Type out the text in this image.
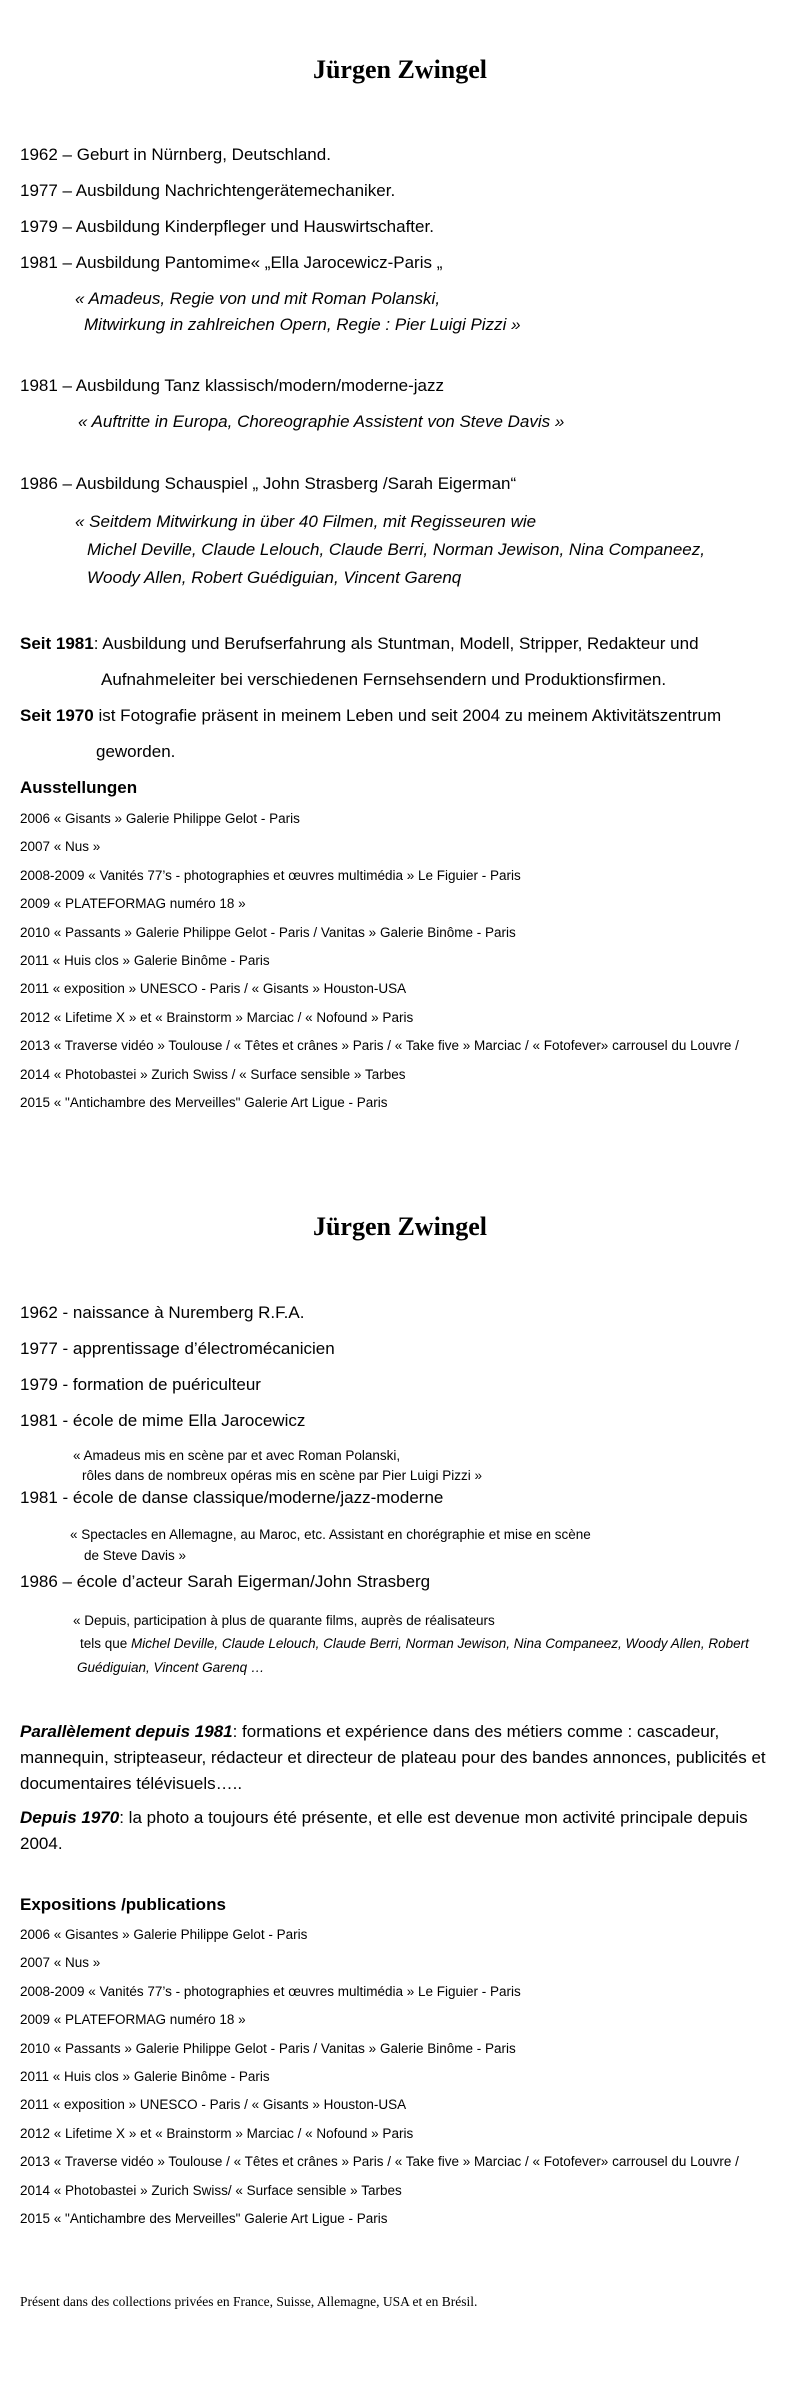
Jürgen Zwingel
1962 – Geburt in Nürnberg, Deutschland.
1977 – Ausbildung Nachrichtengerätemechaniker.
1979 – Ausbildung Kinderpfleger und Hauswirtschafter.
1981 – Ausbildung Pantomime« „Ella Jarocewicz-Paris „
« Amadeus, Regie von und mit Roman Polanski,
Mitwirkung in zahlreichen Opern, Regie : Pier Luigi Pizzi »
1981 – Ausbildung Tanz klassisch/modern/moderne-jazz
« Auftritte in Europa, Choreographie Assistent von Steve Davis »
1986 – Ausbildung Schauspiel „ John Strasberg /Sarah Eigerman“
« Seitdem Mitwirkung in über 40 Filmen, mit Regisseuren wie
Michel Deville, Claude Lelouch, Claude Berri, Norman Jewison, Nina Companeez,
Woody Allen, Robert Guédiguian, Vincent Garenq
Seit 1981: Ausbildung und Berufserfahrung als Stuntman, Modell, Stripper, Redakteur und
Aufnahmeleiter bei verschiedenen Fernsehsendern und Produktionsfirmen.
Seit 1970 ist Fotografie präsent in meinem Leben und seit 2004 zu meinem Aktivitätszentrum
geworden.
Ausstellungen
2006 « Gisants » Galerie Philippe Gelot - Paris
2007 « Nus »
2008-2009 « Vanités 77’s - photographies et œuvres multimédia » Le Figuier - Paris
2009 « PLATEFORMAG numéro 18 »
2010 « Passants » Galerie Philippe Gelot - Paris / Vanitas » Galerie Binôme - Paris
2011 « Huis clos » Galerie Binôme - Paris
2011 « exposition » UNESCO - Paris / « Gisants » Houston-USA
2012 « Lifetime X » et « Brainstorm » Marciac / « Nofound » Paris
2013 « Traverse vidéo » Toulouse / « Têtes et crânes » Paris / « Take five » Marciac / « Fotofever» carrousel du Louvre /
2014 « Photobastei » Zurich Swiss / « Surface sensible » Tarbes
2015 « "Antichambre des Merveilles" Galerie Art Ligue - Paris
Jürgen Zwingel
1962 - naissance à Nuremberg R.F.A.
1977 - apprentissage d’électromécanicien
1979 - formation de puériculteur
1981 - école de mime Ella Jarocewicz
« Amadeus mis en scène par et avec Roman Polanski,
rôles dans de nombreux opéras mis en scène par Pier Luigi Pizzi »
1981 - école de danse classique/moderne/jazz-moderne
« Spectacles en Allemagne, au Maroc, etc. Assistant en chorégraphie et mise en scène
de Steve Davis »
1986 – école d’acteur Sarah Eigerman/John Strasberg
« Depuis, participation à plus de quarante films, auprès de réalisateurs
tels que Michel Deville, Claude Lelouch, Claude Berri, Norman Jewison, Nina Companeez, Woody Allen, Robert
Guédiguian, Vincent Garenq …
Parallèlement depuis 1981: formations et expérience dans des métiers comme : cascadeur, mannequin, stripteaseur, rédacteur et directeur de plateau pour des bandes annonces, publicités et documentaires télévisuels…..
Depuis 1970: la photo a toujours été présente, et elle est devenue mon activité principale depuis 2004.
Expositions /publications
2006 « Gisantes » Galerie Philippe Gelot - Paris
2007 « Nus »
2008-2009 « Vanités 77’s - photographies et œuvres multimédia » Le Figuier - Paris
2009 « PLATEFORMAG numéro 18 »
2010 « Passants » Galerie Philippe Gelot - Paris / Vanitas » Galerie Binôme - Paris
2011 « Huis clos » Galerie Binôme - Paris
2011 « exposition » UNESCO - Paris / « Gisants » Houston-USA
2012 « Lifetime X » et « Brainstorm » Marciac / « Nofound » Paris
2013 « Traverse vidéo » Toulouse / « Têtes et crânes » Paris / « Take five » Marciac / « Fotofever» carrousel du Louvre /
2014 « Photobastei » Zurich Swiss/ « Surface sensible » Tarbes
2015 « "Antichambre des Merveilles" Galerie Art Ligue - Paris
Présent dans des collections privées en France, Suisse, Allemagne, USA et en Brésil.
